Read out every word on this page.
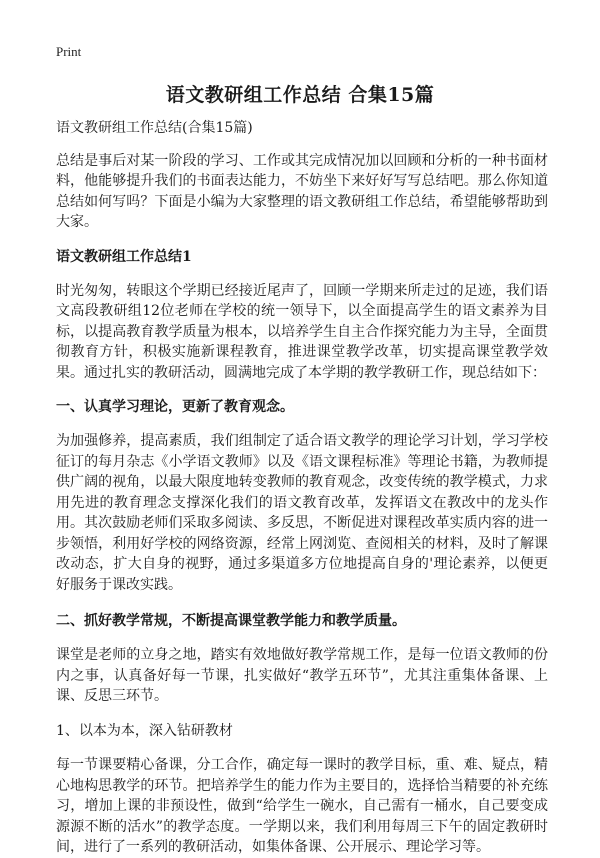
Print
语文教研组工作总结 合集15篇

语文教研组工作总结(合集15篇)

总结是事后对某一阶段的学习、工作或其完成情况加以回顾和分析的一种书面材料，他能够提升我们的书面表达能力，不妨坐下来好好写写总结吧。那么你知道总结如何写吗？下面是小编为大家整理的语文教研组工作总结，希望能够帮助到大家。

语文教研组工作总结1

时光匆匆，转眼这个学期已经接近尾声了，回顾一学期来所走过的足迹，我们语文高段教研组12位老师在学校的统一领导下，以全面提高学生的语文素养为目标，以提高教育教学质量为根本，以培养学生自主合作探究能力为主导，全面贯彻教育方针，积极实施新课程教育，推进课堂教学改革，切实提高课堂教学效果。通过扎实的教研活动，圆满地完成了本学期的教学教研工作，现总结如下：

一、认真学习理论，更新了教育观念。

为加强修养，提高素质，我们组制定了适合语文教学的理论学习计划，学习学校征订的每月杂志《小学语文教师》以及《语文课程标准》等理论书籍，为教师提供广阔的视角，以最大限度地转变教师的教育观念，改变传统的教学模式，力求用先进的教育理念支撑深化我们的语文教育改革，发挥语文在教改中的龙头作用。其次鼓励老师们采取多阅读、多反思，不断促进对课程改革实质内容的进一步领悟，利用好学校的网络资源，经常上网浏览、查阅相关的材料，及时了解课改动态，扩大自身的视野，通过多渠道多方位地提高自身的'理论素养，以便更好服务于课改实践。

二、抓好教学常规，不断提高课堂教学能力和教学质量。

课堂是老师的立身之地，踏实有效地做好教学常规工作，是每一位语文教师的份内之事，认真备好每一节课，扎实做好“教学五环节”，尤其注重集体备课、上课、反思三环节。

1、以本为本，深入钻研教材

每一节课要精心备课，分工合作，确定每一课时的教学目标，重、难、疑点，精心地构思教学的环节。把培养学生的能力作为主要目的，选择恰当精要的补充练习，增加上课的非预设性，做到“给学生一碗水，自己需有一桶水，自己要变成源源不断的活水”的教学态度。一学期以来，我们利用每周三下午的固定教研时间，进行了一系列的教研活动，如集体备课、公开展示、理论学习等。
